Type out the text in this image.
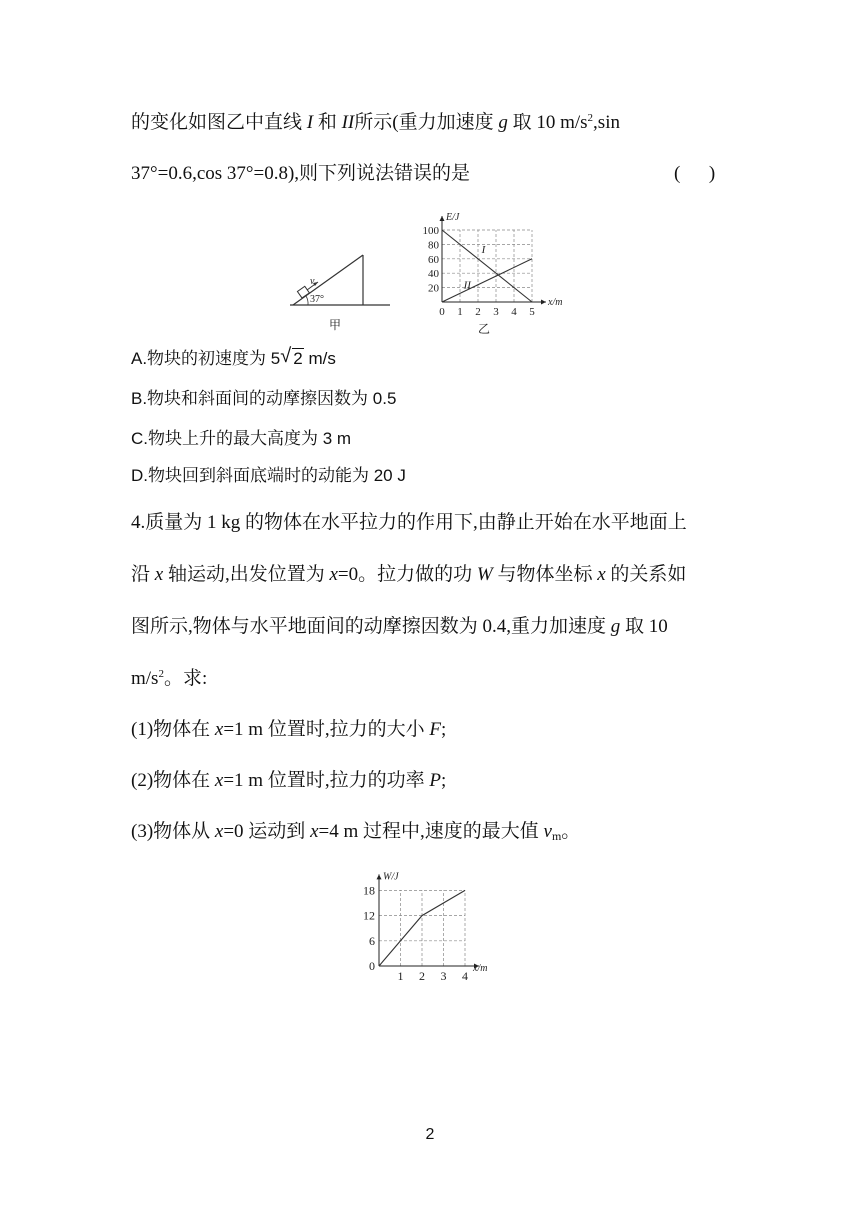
的变化如图乙中直线 I 和 II所示(重力加速度 g 取 10 $m/s^2,\sin$
37°=0.6,cos 37°=0.8),则下列说法错误的是	(      )
v
37°
甲
E/J
x/m
100
80
60
40
20
0 1 2 3 4 5
I
II
乙
A.物块的初速度为 5 √ 2 m/s
B.物块和斜面间的动摩擦因数为 0.5
C.物块上升的最大高度为 3 m
D.物块回到斜面底端时的动能为 20 J
4.质量为 1 kg 的物体在水平拉力的作用下,由静止开始在水平地面上
沿 x 轴运动,出发位置为 x=0。拉力做的功 W 与物体坐标 x 的关系如
图所示,物体与水平地面间的动摩擦因数为 0.4,重力加速度 g 取 10
$m/s^2$。求:
(1)物体在 x=1 m 位置时,拉力的大小 F;
(2)物体在 x=1 m 位置时,拉力的功率 P;
(3)物体从 x=0 运动到 x=4 m 过程中,速度的最大值 $v_m$。
W/J
x/m
18
12
6
0
1 2 3 4
2
